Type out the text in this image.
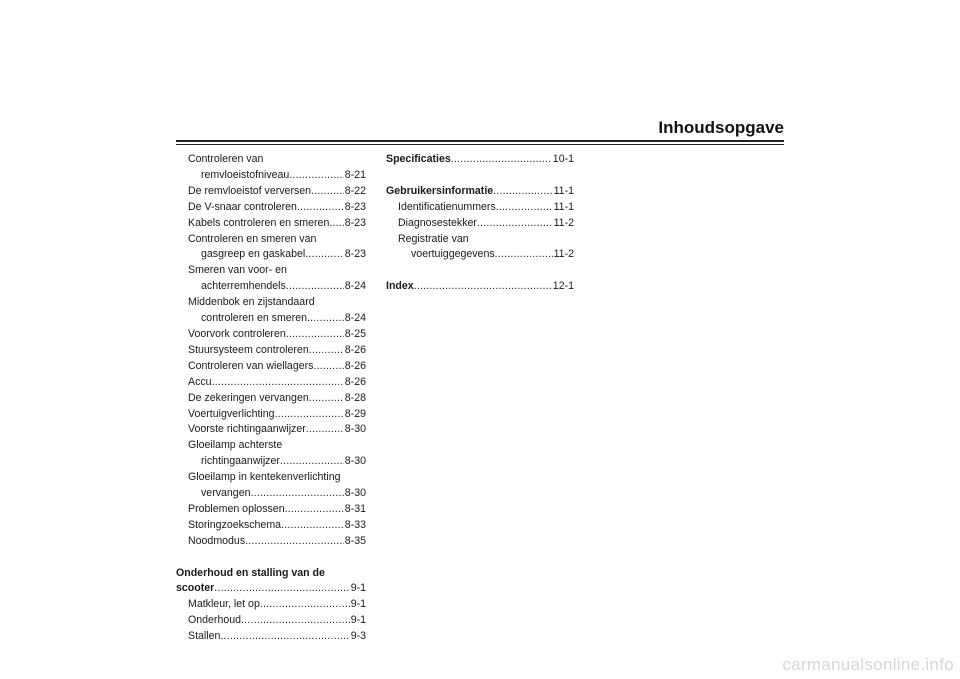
Inhoudsopgave
Controleren van
remvloeistofniveau .....	8-21
De remvloeistof verversen .....	8-22
De V-snaar controleren .....	8-23
Kabels controleren en smeren ..... 8-23
Controleren en smeren van
gasgreep en gaskabel .....	8-23
Smeren van voor- en
achterremhendels .....	8-24
Middenbok en zijstandaard
controleren en smeren .....	8-24
Voorvork controleren .....	8-25
Stuursysteem controleren .....	8-26
Controleren van wiellagers .....	8-26
Accu .....	8-26
De zekeringen vervangen .....	8-28
Voertuigverlichting .....	8-29
Voorste richtingaanwijzer .....	8-30
Gloeilamp achterste
richtingaanwijzer .....	8-30
Gloeilamp in kentekenverlichting
vervangen .....	8-30
Problemen oplossen .....	8-31
Storingzoekschema .....	8-33
Noodmodus .....	8-35
Onderhoud en stalling van de
scooter .....	9-1
Matkleur, let op .....	9-1
Onderhoud .....	9-1
Stallen .....	9-3
Specificaties .....	10-1
Gebruikersinformatie .....	11-1
Identificatienummers .....	11-1
Diagnosestekker .....	11-2
Registratie van
voertuiggegevens .....	11-2
Index .....	12-1
carmanualsonline.info
